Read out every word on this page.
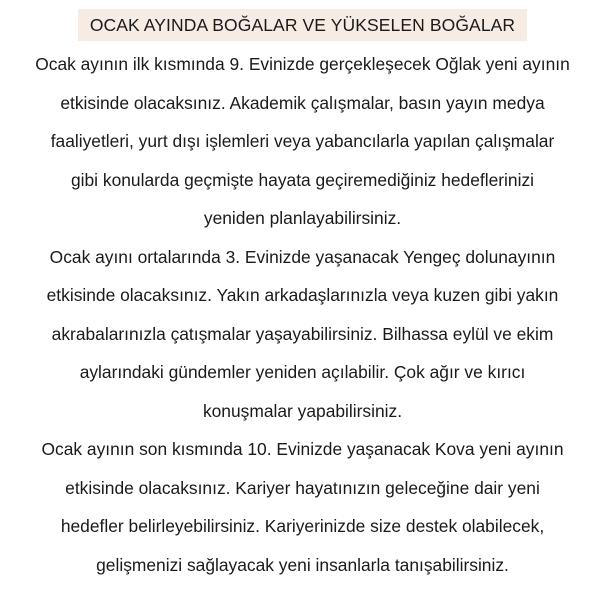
OCAK AYINDA BOĞALAR VE YÜKSELEN BOĞALAR
Ocak ayının ilk kısmında 9. Evinizde gerçekleşecek Oğlak yeni ayının
etkisinde olacaksınız. Akademik çalışmalar, basın yayın medya
faaliyetleri, yurt dışı işlemleri veya yabancılarla yapılan çalışmalar
gibi konularda geçmişte hayata geçiremediğiniz hedeflerinizi
yeniden planlayabilirsiniz.
Ocak ayını ortalarında 3. Evinizde yaşanacak Yengeç dolunayının
etkisinde olacaksınız. Yakın arkadaşlarınızla veya kuzen gibi yakın
akrabalarınızla çatışmalar yaşayabilirsiniz. Bilhassa eylül ve ekim
aylarındaki gündemler yeniden açılabilir. Çok ağır ve kırıcı
konuşmalar yapabilirsiniz.
Ocak ayının son kısmında 10. Evinizde yaşanacak Kova yeni ayının
etkisinde olacaksınız. Kariyer hayatınızın geleceğine dair yeni
hedefler belirleyebilirsiniz. Kariyerinizde size destek olabilecek,
gelişmenizi sağlayacak yeni insanlarla tanışabilirsiniz.
